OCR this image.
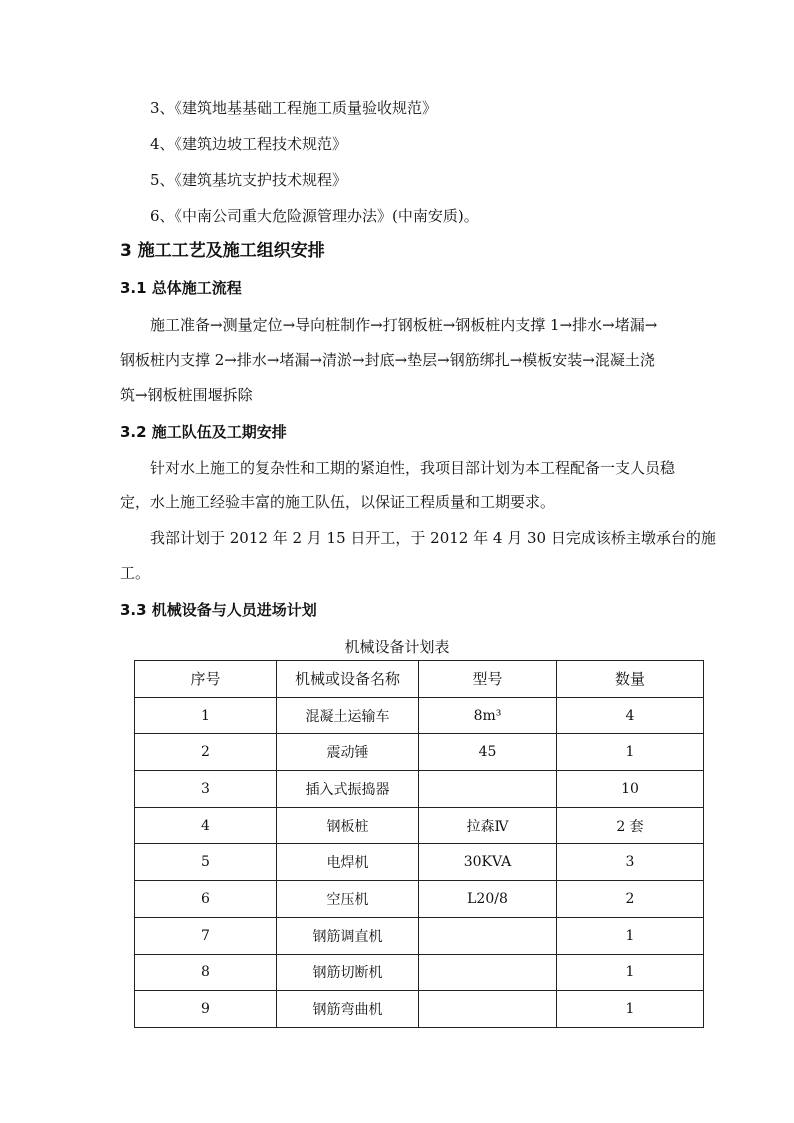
3、《建筑地基基础工程施工质量验收规范》
4、《建筑边坡工程技术规范》
5、《建筑基坑支护技术规程》
6、《中南公司重大危险源管理办法》(中南安质)。
3 施工工艺及施工组织安排
3.1 总体施工流程
施工准备→测量定位→导向桩制作→打钢板桩→钢板桩内支撑 1→排水→堵漏→
钢板桩内支撑 2→排水→堵漏→清淤→封底→垫层→钢筋绑扎→模板安装→混凝土浇
筑→钢板桩围堰拆除
3.2 施工队伍及工期安排
针对水上施工的复杂性和工期的紧迫性，我项目部计划为本工程配备一支人员稳
定，水上施工经验丰富的施工队伍，以保证工程质量和工期要求。
我部计划于 2012 年 2 月 15 日开工，于 2012 年 4 月 30 日完成该桥主墩承台的施
工。
3.3 机械设备与人员进场计划
机械设备计划表
序号	机械或设备名称	型号	数量
1	混凝土运输车	8m³	4
2	震动锤	45	1
3	插入式振捣器		10
4	钢板桩	拉森Ⅳ	2 套
5	电焊机	30KVA	3
6	空压机	L20/8	2
7	钢筋调直机		1
8	钢筋切断机		1
9	钢筋弯曲机		1
